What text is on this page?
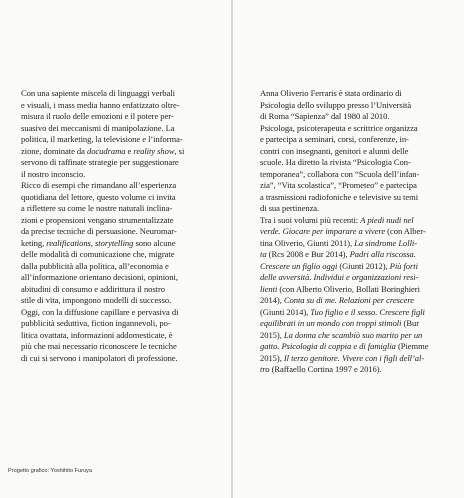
Con una sapiente miscela di linguaggi verbali
e visuali, i mass media hanno enfatizzato oltre-
misura il ruolo delle emozioni e il potere per-
suasivo dei meccanismi di manipolazione. La
politica, il marketing, la televisione e l’informa-
zione, dominate da docudrama e reality show, si
servono di raffinate strategie per suggestionare
il nostro inconscio.

Ricco di esempi che rimandano all’esperienza
quotidiana del lettore, questo volume ci invita
a riflettere su come le nostre naturali inclina-
zioni e propensioni vengano strumentalizzate
da precise tecniche di persuasione. Neuromar-
keting, realifications, storytelling sono alcune
delle modalità di comunicazione che, migrate
dalla pubblicità alla politica, all’economia e
all’informazione orientano decisioni, opinioni,
abitudini di consumo e addirittura il nostro
stile di vita, impongono modelli di successo.

Oggi, con la diffusione capillare e pervasiva di
pubblicità seduttiva, fiction ingannevoli, po-
litica ovattata, informazioni addomesticate, è
più che mai necessario riconoscere le tecniche
di cui si servono i manipolatori di professione.

Progetto grafico: Yoshihito Furuya

Anna Oliverio Ferraris è stata ordinario di
Psicologia dello sviluppo presso l’Università
di Roma “Sapienza” dal 1980 al 2010.

Psicologa, psicoterapeuta e scrittrice organizza
e partecipa a seminari, corsi, conferenze, in-
contri con insegnanti, genitori e alunni delle
scuole. Ha diretto la rivista “Psicologia Con-
temporanea”, collabora con “Scuola dell’infan-
zia”, “Vita scolastica”, “Prometeo” e partecipa
a trasmissioni radiofoniche e televisive su temi
di sua pertinenza.

Tra i suoi volumi più recenti: A piedi nudi nel
verde. Giocare per imparare a vivere (con Alber-
tina Oliverio, Giunti 2011), La sindrome Lolli-
ta (Rcs 2008 e Bur 2014), Padri alla riscossa.
Crescere un figlio oggi (Giunti 2012), Più forti
delle avversità. Individui e organizzazioni resi-
lienti (con Alberto Oliverio, Bollati Boringhieri
2014), Conta su di me. Relazioni per crescere
(Giunti 2014), Tuo figlio e il sesso. Crescere figli
equilibrati in un mondo con troppi stimoli (Bur
2015), La donna che scambiò suo marito per un
gatto. Psicologia di coppia e di famiglia (Piemme
2015), Il terzo genitore. Vivere con i figli dell’al-
tro (Raffaello Cortina 1997 e 2016).
